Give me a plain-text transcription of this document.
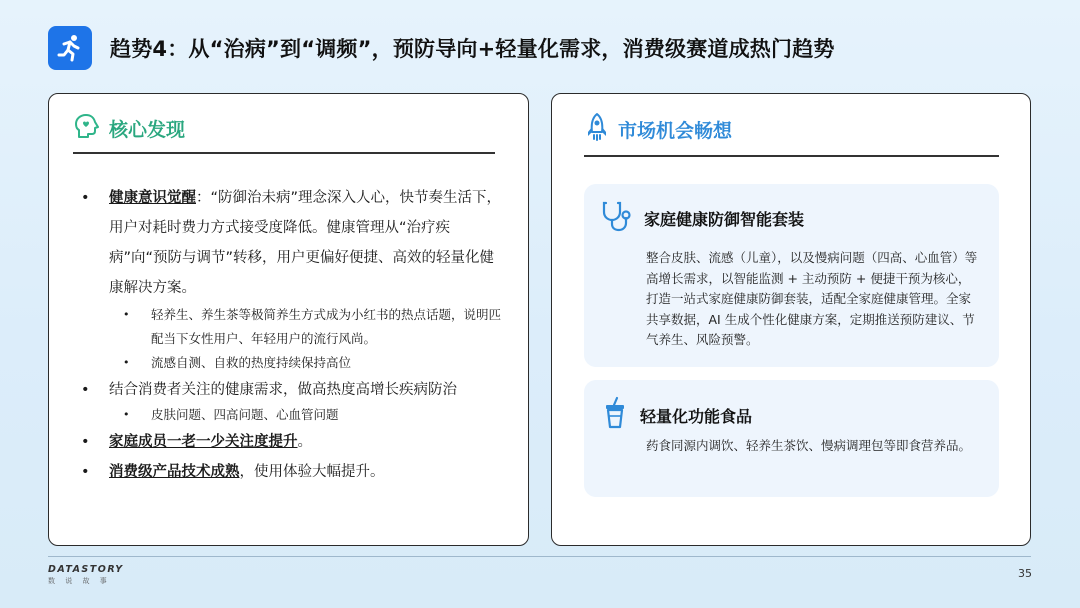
趋势4：从“治病”到“调频”，预防导向+轻量化需求，消费级赛道成热门趋势
核心发现
• 健康意识觉醒：“防御治未病”理念深入人心，快节奏生活下，用户对耗时费力方式接受度降低。健康管理从“治疗疾病”向“预防与调节”转移，用户更偏好便捷、高效的轻量化健康解决方案。
• 轻养生、养生茶等极简养生方式成为小红书的热点话题，说明匹配当下女性用户、年轻用户的流行风尚。
• 流感自测、自救的热度持续保持高位
• 结合消费者关注的健康需求，做高热度高增长疾病防治
• 皮肤问题、四高问题、心血管问题
• 家庭成员一老一少关注度提升。
• 消费级产品技术成熟，使用体验大幅提升。
市场机会畅想
家庭健康防御智能套装
整合皮肤、流感（儿童），以及慢病问题（四高、心血管）等高增长需求，以智能监测 + 主动预防 + 便捷干预为核心，打造一站式家庭健康防御套装，适配全家庭健康管理。全家共享数据，AI 生成个性化健康方案，定期推送预防建议、节气养生、风险预警。
轻量化功能食品
药食同源内调饮、轻养生茶饮、慢病调理包等即食营养品。
DATASTORY
数 说 故 事
35
